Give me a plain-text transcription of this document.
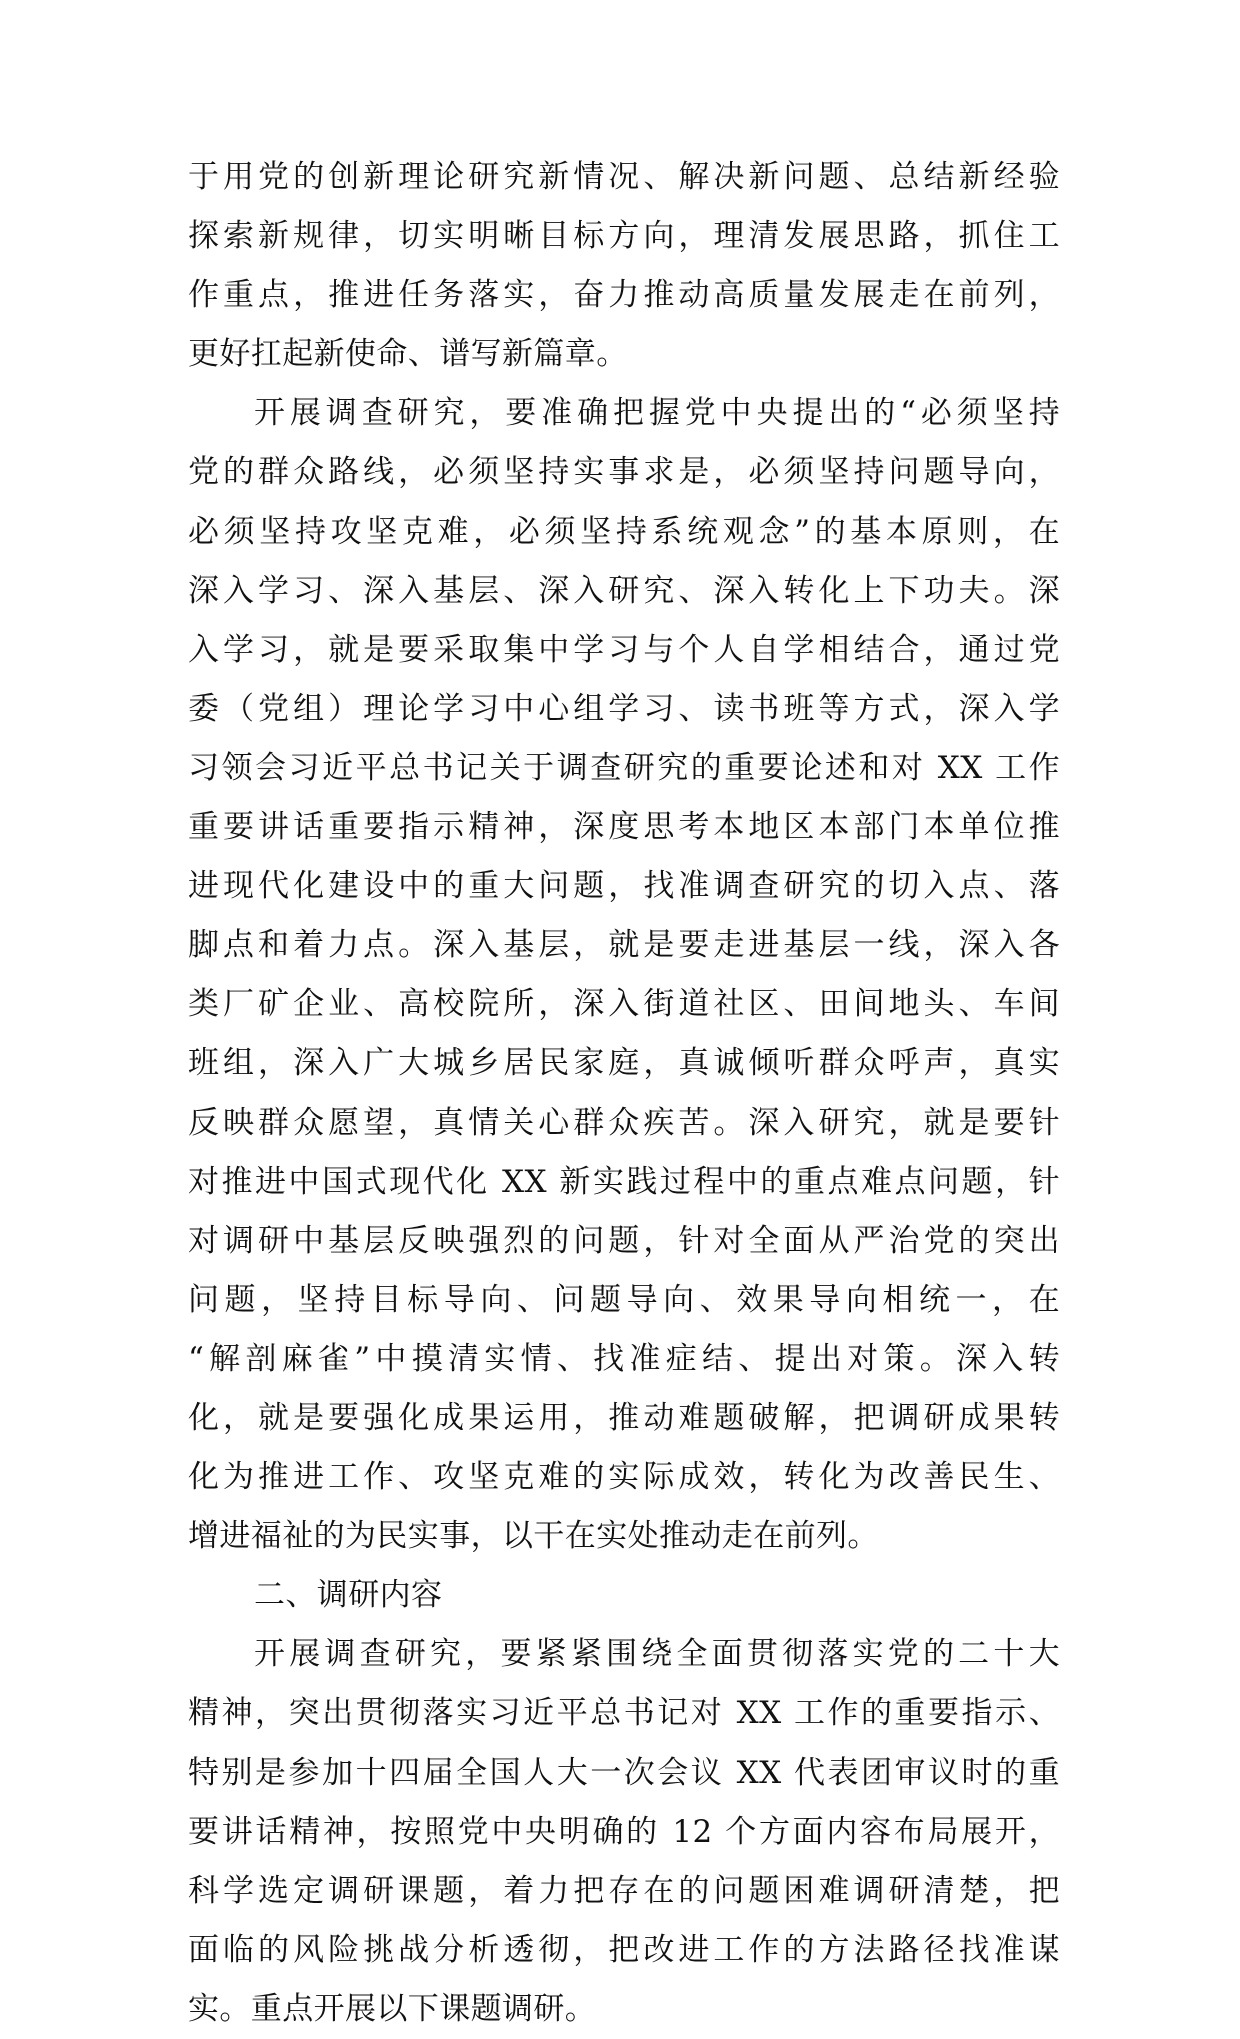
于用党的创新理论研究新情况、解决新问题、总结新经验
探索新规律，切实明晰目标方向，理清发展思路，抓住工
作重点，推进任务落实，奋力推动高质量发展走在前列，
更好扛起新使命、谱写新篇章。
开展调查研究，要准确把握党中央提出的“必须坚持
党的群众路线，必须坚持实事求是，必须坚持问题导向，
必须坚持攻坚克难，必须坚持系统观念”的基本原则，在
深入学习、深入基层、深入研究、深入转化上下功夫。深
入学习，就是要采取集中学习与个人自学相结合，通过党
委（党组）理论学习中心组学习、读书班等方式，深入学
习领会习近平总书记关于调查研究的重要论述和对 XX 工作
重要讲话重要指示精神，深度思考本地区本部门本单位推
进现代化建设中的重大问题，找准调查研究的切入点、落
脚点和着力点。深入基层，就是要走进基层一线，深入各
类厂矿企业、高校院所，深入街道社区、田间地头、车间
班组，深入广大城乡居民家庭，真诚倾听群众呼声，真实
反映群众愿望，真情关心群众疾苦。深入研究，就是要针
对推进中国式现代化 XX 新实践过程中的重点难点问题，针
对调研中基层反映强烈的问题，针对全面从严治党的突出
问题，坚持目标导向、问题导向、效果导向相统一，在
“解剖麻雀”中摸清实情、找准症结、提出对策。深入转
化，就是要强化成果运用，推动难题破解，把调研成果转
化为推进工作、攻坚克难的实际成效，转化为改善民生、
增进福祉的为民实事，以干在实处推动走在前列。
二、调研内容
开展调查研究，要紧紧围绕全面贯彻落实党的二十大
精神，突出贯彻落实习近平总书记对 XX 工作的重要指示、
特别是参加十四届全国人大一次会议 XX 代表团审议时的重
要讲话精神，按照党中央明确的 12 个方面内容布局展开，
科学选定调研课题，着力把存在的问题困难调研清楚，把
面临的风险挑战分析透彻，把改进工作的方法路径找准谋
实。重点开展以下课题调研。
